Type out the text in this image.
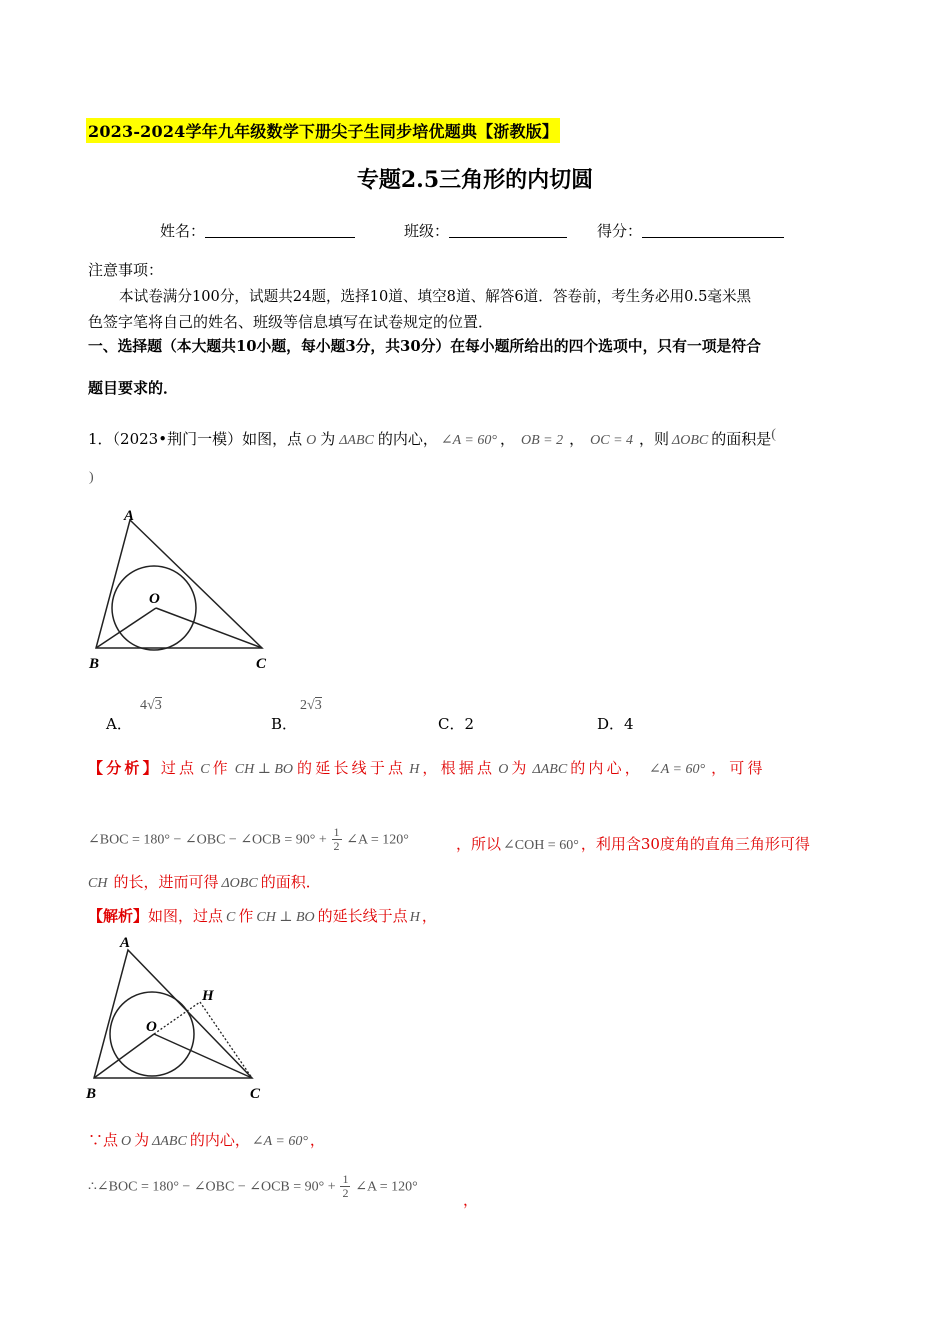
2023-2024学年九年级数学下册尖子生同步培优题典【浙教版】
专题2.5三角形的内切圆
姓名：	班级：	得分：
注意事项：
本试卷满分100分，试题共24题，选择10道、填空8道、解答6道．答卷前，考生务必用0.5毫米黑
色签字笔将自己的姓名、班级等信息填写在试卷规定的位置．
一、选择题（本大题共10小题，每小题3分，共30分）在每小题所给出的四个选项中，只有一项是符合
题目要求的．
1．（2023•荆门一模）如图，点 O 为 ΔABC 的内心， ∠A = 60° ， OB = 2 ， OC = 4 ，则 ΔOBC 的面积是(
)
A
B	C
O
A．
4√3
B．
2√3
C．2	D．4
【分析】过点 C 作 CH ⊥ BO 的延长线于点 H ，根据点 O 为 ΔABC 的内心， ∠A = 60° ，可得
∠BOC = 180° − ∠OBC − ∠OCB = $90^\circ + \frac{1}{2}$ ∠A = 120°	，所以 ∠COH = 60° ，利用含30度角的直角三角形可得
CH 的长，进而可得 ΔOBC 的面积．
【解析】如图，过点 C 作 CH ⊥ BO 的延长线于点 H ，
A
B	C
O
H
∵点 O 为 ΔABC 的内心， ∠A = 60° ，
∴∠BOC = 180° − ∠OBC − ∠OCB = $90^\circ + \frac{1}{2}$ ∠A = 120°
，
